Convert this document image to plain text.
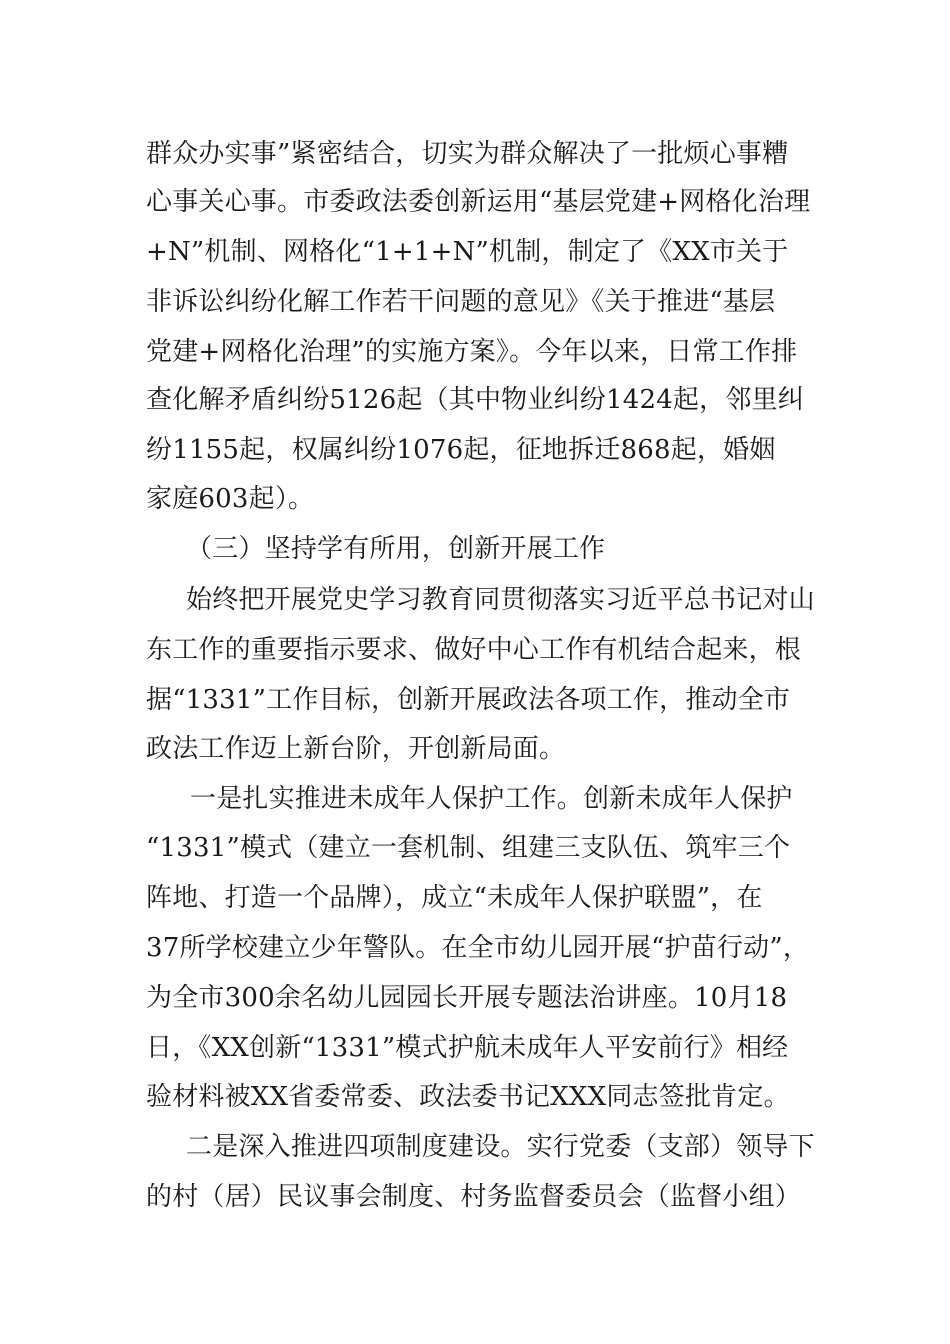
群众办实事”紧密结合，切实为群众解决了一批烦心事糟
心事关心事。市委政法委创新运用“基层党建+网格化治理
+N”机制、网格化“1+1+N”机制，制定了《XX市关于
非诉讼纠纷化解工作若干问题的意见》《关于推进“基层
党建+网格化治理”的实施方案》。今年以来，日常工作排
查化解矛盾纠纷5126起（其中物业纠纷1424起，邻里纠
纷1155起，权属纠纷1076起，征地拆迁868起，婚姻
家庭603起）。
（三）坚持学有所用，创新开展工作
始终把开展党史学习教育同贯彻落实习近平总书记对山
东工作的重要指示要求、做好中心工作有机结合起来，根
据“1331”工作目标，创新开展政法各项工作，推动全市
政法工作迈上新台阶，开创新局面。
一是扎实推进未成年人保护工作。创新未成年人保护
“1331”模式（建立一套机制、组建三支队伍、筑牢三个
阵地、打造一个品牌），成立“未成年人保护联盟”，在
37所学校建立少年警队。在全市幼儿园开展“护苗行动”，
为全市300余名幼儿园园长开展专题法治讲座。10月18
日，《XX创新“1331”模式护航未成年人平安前行》相经
验材料被XX省委常委、政法委书记XXX同志签批肯定。
二是深入推进四项制度建设。实行党委（支部）领导下
的村（居）民议事会制度、村务监督委员会（监督小组）
